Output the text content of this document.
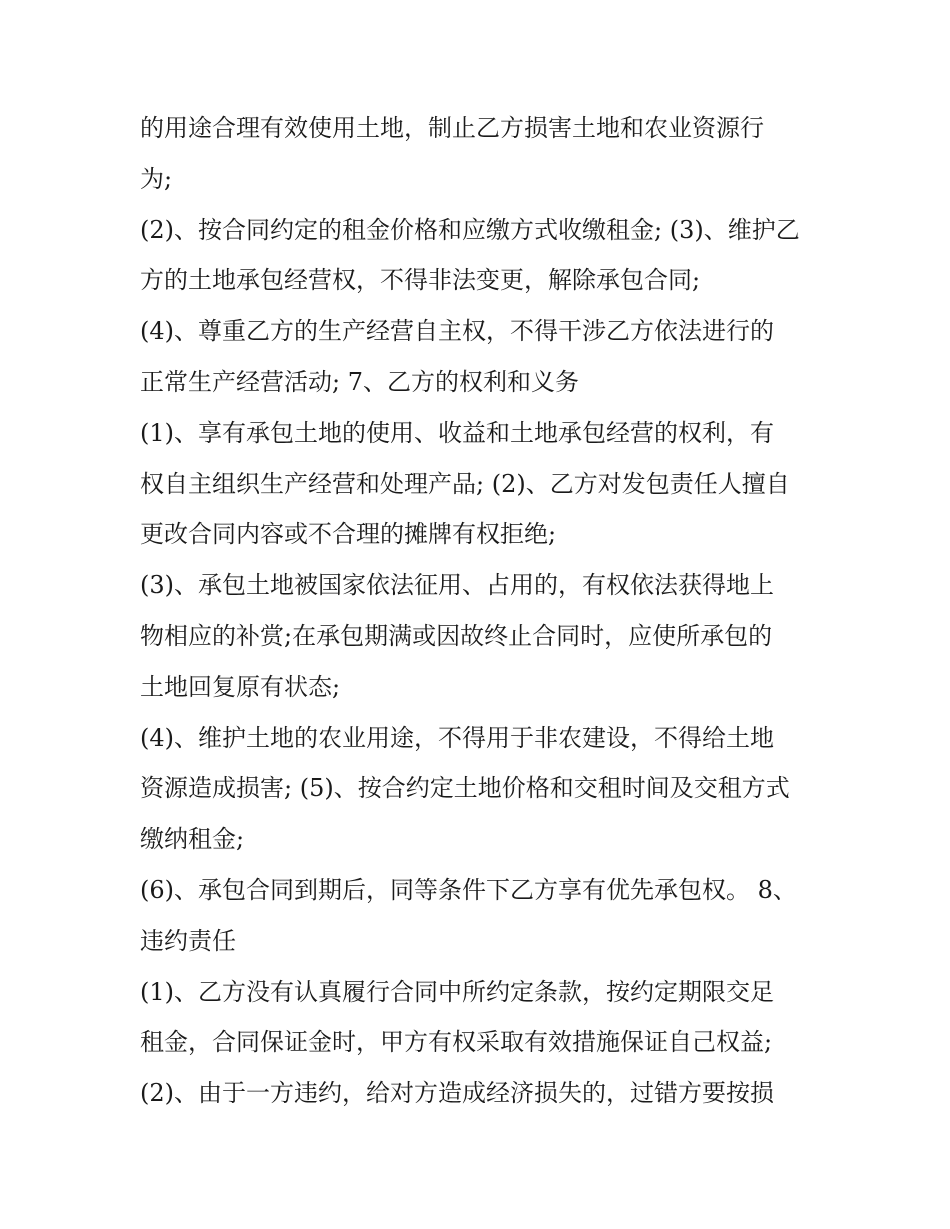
的用途合理有效使用土地，制止乙方损害土地和农业资源行
为;
(2)、按合同约定的租金价格和应缴方式收缴租金; (3)、维护乙
方的土地承包经营权，不得非法变更，解除承包合同;
(4)、尊重乙方的生产经营自主权，不得干涉乙方依法进行的
正常生产经营活动; 7、乙方的权利和义务
(1)、享有承包土地的使用、收益和土地承包经营的权利，有
权自主组织生产经营和处理产品; (2)、乙方对发包责任人擅自
更改合同内容或不合理的摊牌有权拒绝;
(3)、承包土地被国家依法征用、占用的，有权依法获得地上
物相应的补赏;在承包期满或因故终止合同时，应使所承包的
土地回复原有状态;
(4)、维护土地的农业用途，不得用于非农建设，不得给土地
资源造成损害; (5)、按合约定土地价格和交租时间及交租方式
缴纳租金;
(6)、承包合同到期后，同等条件下乙方享有优先承包权。 8、
违约责任
(1)、乙方没有认真履行合同中所约定条款，按约定期限交足
租金，合同保证金时，甲方有权采取有效措施保证自己权益;
(2)、由于一方违约，给对方造成经济损失的，过错方要按损
